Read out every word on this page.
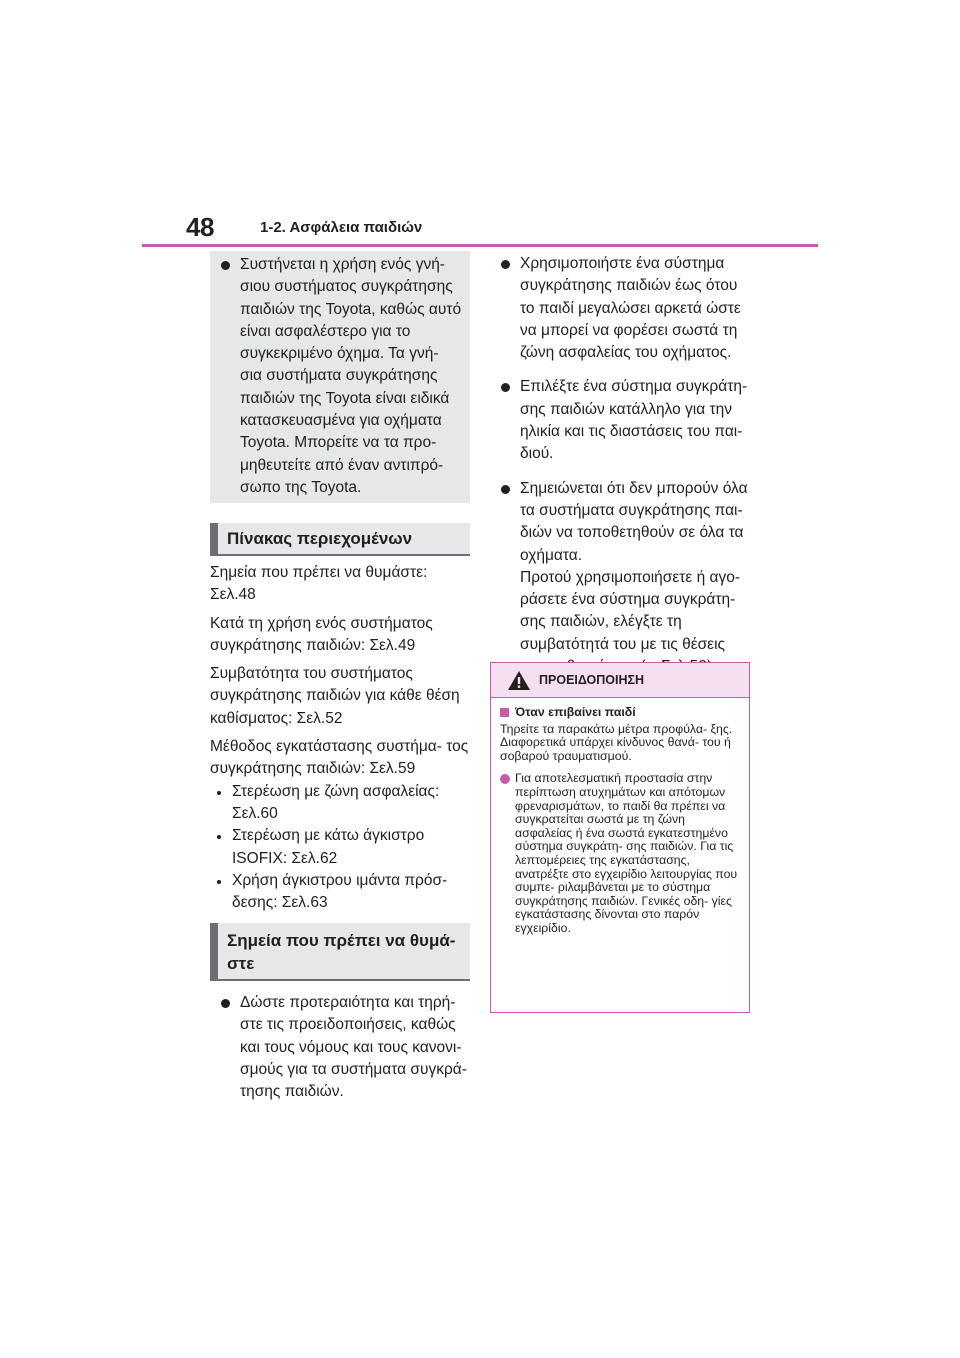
48	1-2. Ασφάλεια παιδιών
Συστήνεται η χρήση ενός γνή- σιου συστήματος συγκράτησης παιδιών της Toyota, καθώς αυτό είναι ασφαλέστερο για το συγκεκριμένο όχημα. Τα γνή- σια συστήματα συγκράτησης παιδιών της Toyota είναι ειδικά κατασκευασμένα για οχήματα Toyota. Μπορείτε να τα προ- μηθευτείτε από έναν αντιπρό- σωπο της Toyota.
Πίνακας περιεχομένων

Σημεία που πρέπει να θυμάστε: Σελ.48

Κατά τη χρήση ενός συστήματος συγκράτησης παιδιών: Σελ.49

Συμβατότητα του συστήματος συγκράτησης παιδιών για κάθε θέση καθίσματος: Σελ.52

Μέθοδος εγκατάστασης συστήμα- τος συγκράτησης παιδιών: Σελ.59

Στερέωση με ζώνη ασφαλείας: Σελ.60
Στερέωση με κάτω άγκιστρο ISOFIX: Σελ.62
Χρήση άγκιστρου ιμάντα πρόσ- δεσης: Σελ.63
Σημεία που πρέπει να θυμά- στε
Δώστε προτεραιότητα και τηρή- στε τις προειδοποιήσεις, καθώς και τους νόμους και τους κανονι- σμούς για τα συστήματα συγκρά- τησης παιδιών.
Χρησιμοποιήστε ένα σύστημα συγκράτησης παιδιών έως ότου το παιδί μεγαλώσει αρκετά ώστε να μπορεί να φορέσει σωστά τη ζώνη ασφαλείας του οχήματος.
Επιλέξτε ένα σύστημα συγκράτη- σης παιδιών κατάλληλο για την ηλικία και τις διαστάσεις του παι- διού.
Σημειώνεται ότι δεν μπορούν όλα τα συστήματα συγκράτησης παι- διών να τοποθετηθούν σε όλα τα οχήματα.
Προτού χρησιμοποιήσετε ή αγο- ράσετε ένα σύστημα συγκράτη- σης παιδιών, ελέγξτε τη συμβατότητά του με τις θέσεις
ΠΡΟΕΙΔΟΠΟΙΗΣΗ
Όταν επιβαίνει παιδί
Τηρείτε τα παρακάτω μέτρα προφύλα- ξης. Διαφορετικά υπάρχει κίνδυνος θανά- του ή σοβαρού τραυματισμού.
Για αποτελεσματική προστασία στην περίπτωση ατυχημάτων και απότομων φρεναρισμάτων, το παιδί θα πρέπει να συγκρατείται σωστά με τη ζώνη ασφαλείας ή ένα σωστά εγκατεστημένο σύστημα συγκράτη- σης παιδιών. Για τις λεπτομέρειες της εγκατάστασης, ανατρέξτε στο εγχειρίδιο λειτουργίας που συμπε- ριλαμβάνεται με το σύστημα συγκράτησης παιδιών. Γενικές οδη- γίες εγκατάστασης δίνονται στο παρόν εγχειρίδιο.
